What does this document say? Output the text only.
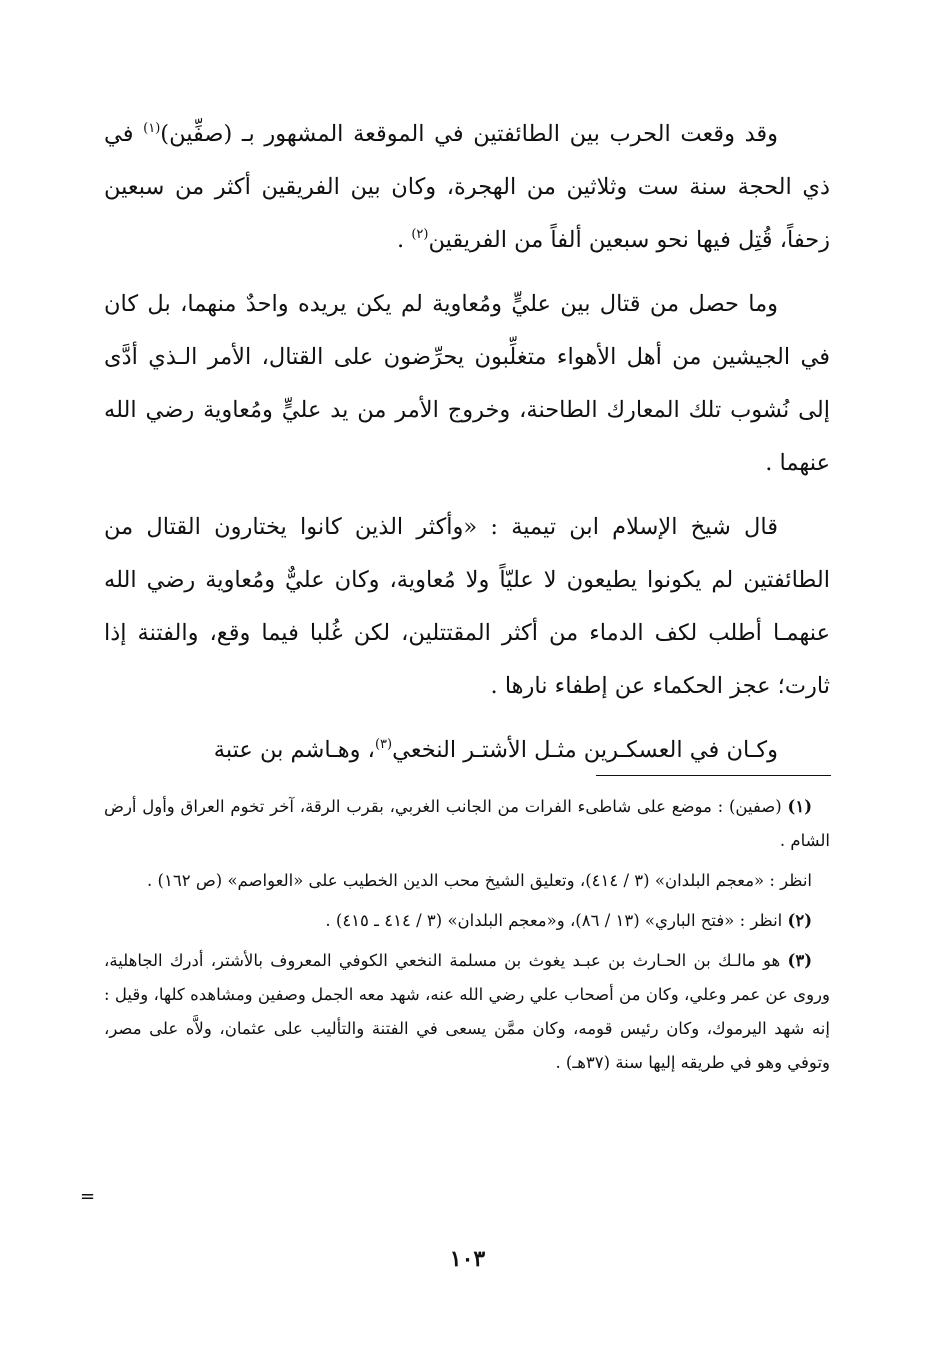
وقد وقعت الحرب بين الطائفتين في الموقعة المشهور بـ (صفِّين)$^{(١)}$ في ذي الحجة سنة ست وثلاثين من الهجرة، وكان بين الفريقين أكثر من سبعين زحفاً، قُتِل فيها نحو سبعين ألفاً من الفريقين$^{(٢)}$ .

وما حصل من قتال بين عليٍّ ومُعاوية لم يكن يريده واحدٌ منهما، بل كان في الجيشين من أهل الأهواء متغلِّبون يحرِّضون على القتال، الأمر الـذي أدَّى إلى نُشوب تلك المعارك الطاحنة، وخروج الأمر من يد عليٍّ ومُعاوية رضي الله عنهما .

قال شيخ الإسلام ابن تيمية : «وأكثر الذين كانوا يختارون القتال من الطائفتين لم يكونوا يطيعون لا عليّاً ولا مُعاوية، وكان عليٌّ ومُعاوية رضي الله عنهمـا أطلب لكف الدماء من أكثر المقتتلين، لكن غُلبا فيما وقع، والفتنة إذا ثارت؛ عجز الحكماء عن إطفاء نارها .

وكـان في العسكـرين مثـل الأشتـر النخعي$^{(٣)}$، وهـاشم بن عتبة

(١) (صفين) : موضع على شاطىء الفرات من الجانب الغربي، بقرب الرقة، آخر تخوم العراق وأول أرض الشام .

انظر : «معجم البلدان» (٣ / ٤١٤)، وتعليق الشيخ محب الدين الخطيب على «العواصم» (ص ١٦٢) .

(٢) انظر : «فتح الباري» (١٣ / ٨٦)، و«معجم البلدان» (٣ / ٤١٤ ـ ٤١٥) .

(٣) هو مالـك بن الحـارث بن عبـد يغوث بن مسلمة النخعي الكوفي المعروف بالأشتر، أدرك الجاهلية، وروى عن عمر وعلي، وكان من أصحاب علي رضي الله عنه، شهد معه الجمل وصفين ومشاهده كلها، وقيل : إنه شهد اليرموك، وكان رئيس قومه، وكان ممَّن يسعى في الفتنة والتأليب على عثمان، ولاَّه على مصر، وتوفي وهو في طريقه إليها سنة (٣٧هـ) .

=
١٠٣
